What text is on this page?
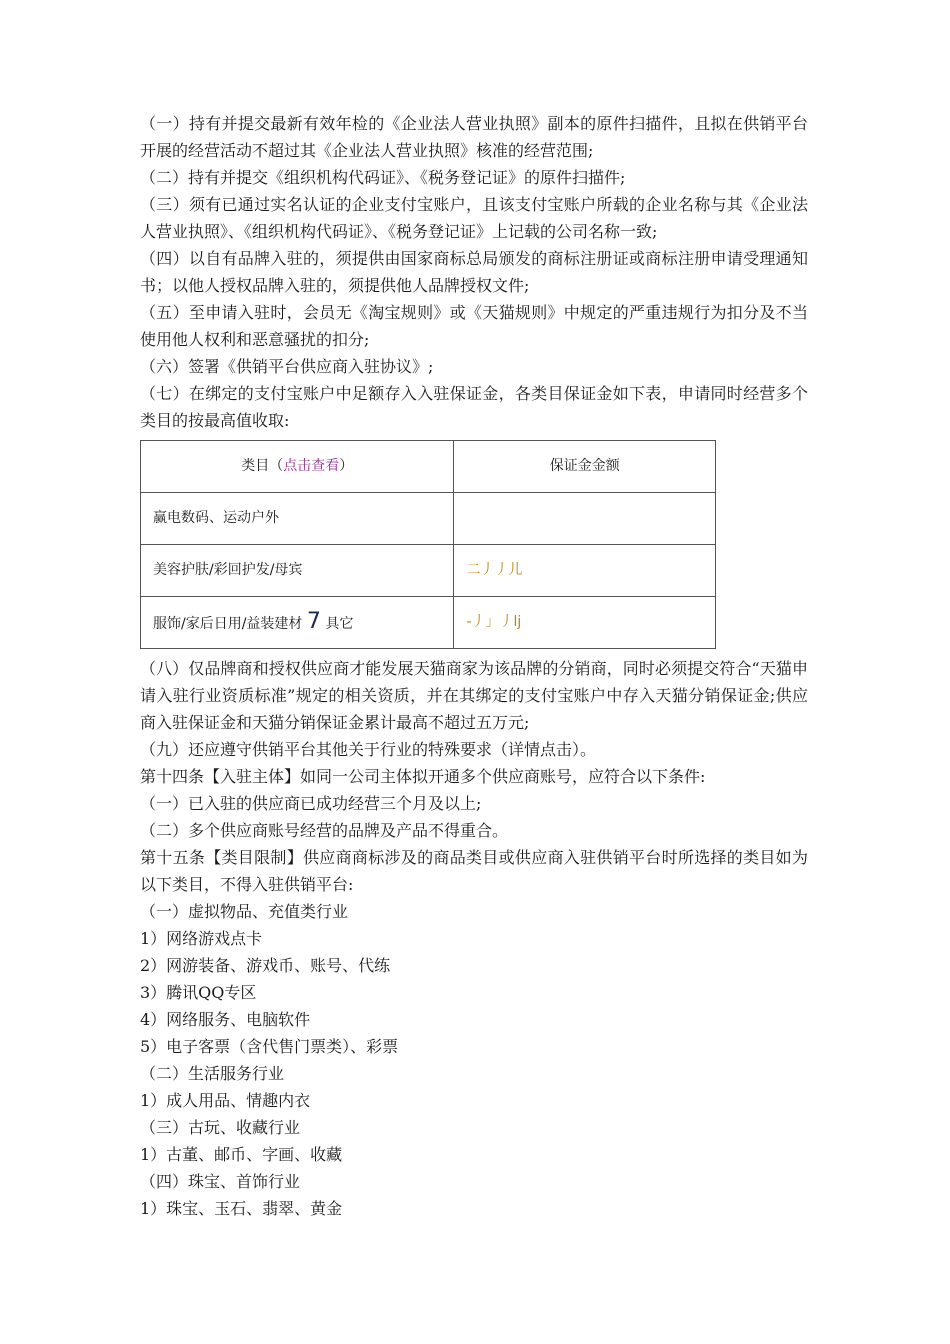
（一）持有并提交最新有效年检的《企业法人营业执照》副本的原件扫描件，且拟在供销平台开展的经营活动不超过其《企业法人营业执照》核准的经营范围;

（二）持有并提交《组织机构代码证》、《税务登记证》的原件扫描件;

（三）须有已通过实名认证的企业支付宝账户，且该支付宝账户所载的企业名称与其《企业法人营业执照》、《组织机构代码证》、《税务登记证》上记载的公司名称一致;

（四）以自有品牌入驻的，须提供由国家商标总局颁发的商标注册证或商标注册申请受理通知书；以他人授权品牌入驻的，须提供他人品牌授权文件;

（五）至申请入驻时，会员无《淘宝规则》或《天猫规则》中规定的严重违规行为扣分及不当使用他人权利和恶意骚扰的扣分;

（六）签署《供销平台供应商入驻协议》;

（七）在绑定的支付宝账户中足额存入入驻保证金，各类目保证金如下表，申请同时经营多个类目的按最高值收取:

类目（点击查看）	保证金金额
赢电数码、运动户外	
美容护肤/彩回护发/母宾	二丿丿儿
服饰/家后日用/益装建材 7 具它	-丿」丿lj

（八）仅品牌商和授权供应商才能发展天猫商家为该品牌的分销商，同时必须提交符合“天猫申请入驻行业资质标准”规定的相关资质，并在其绑定的支付宝账户中存入天猫分销保证金;供应商入驻保证金和天猫分销保证金累计最高不超过五万元;

（九）还应遵守供销平台其他关于行业的特殊要求（详情点击）。

第十四条【入驻主体】如同一公司主体拟开通多个供应商账号，应符合以下条件:

（一）已入驻的供应商已成功经营三个月及以上;

（二）多个供应商账号经营的品牌及产品不得重合。

第十五条【类目限制】供应商商标涉及的商品类目或供应商入驻供销平台时所选择的类目如为以下类目，不得入驻供销平台:

（一）虚拟物品、充值类行业

1）网络游戏点卡

2）网游装备、游戏币、账号、代练

3）腾讯QQ专区

4）网络服务、电脑软件

5）电子客票（含代售门票类）、彩票

（二）生活服务行业

1）成人用品、情趣内衣

（三）古玩、收藏行业

1）古董、邮币、字画、收藏

（四）珠宝、首饰行业

1）珠宝、玉石、翡翠、黄金
